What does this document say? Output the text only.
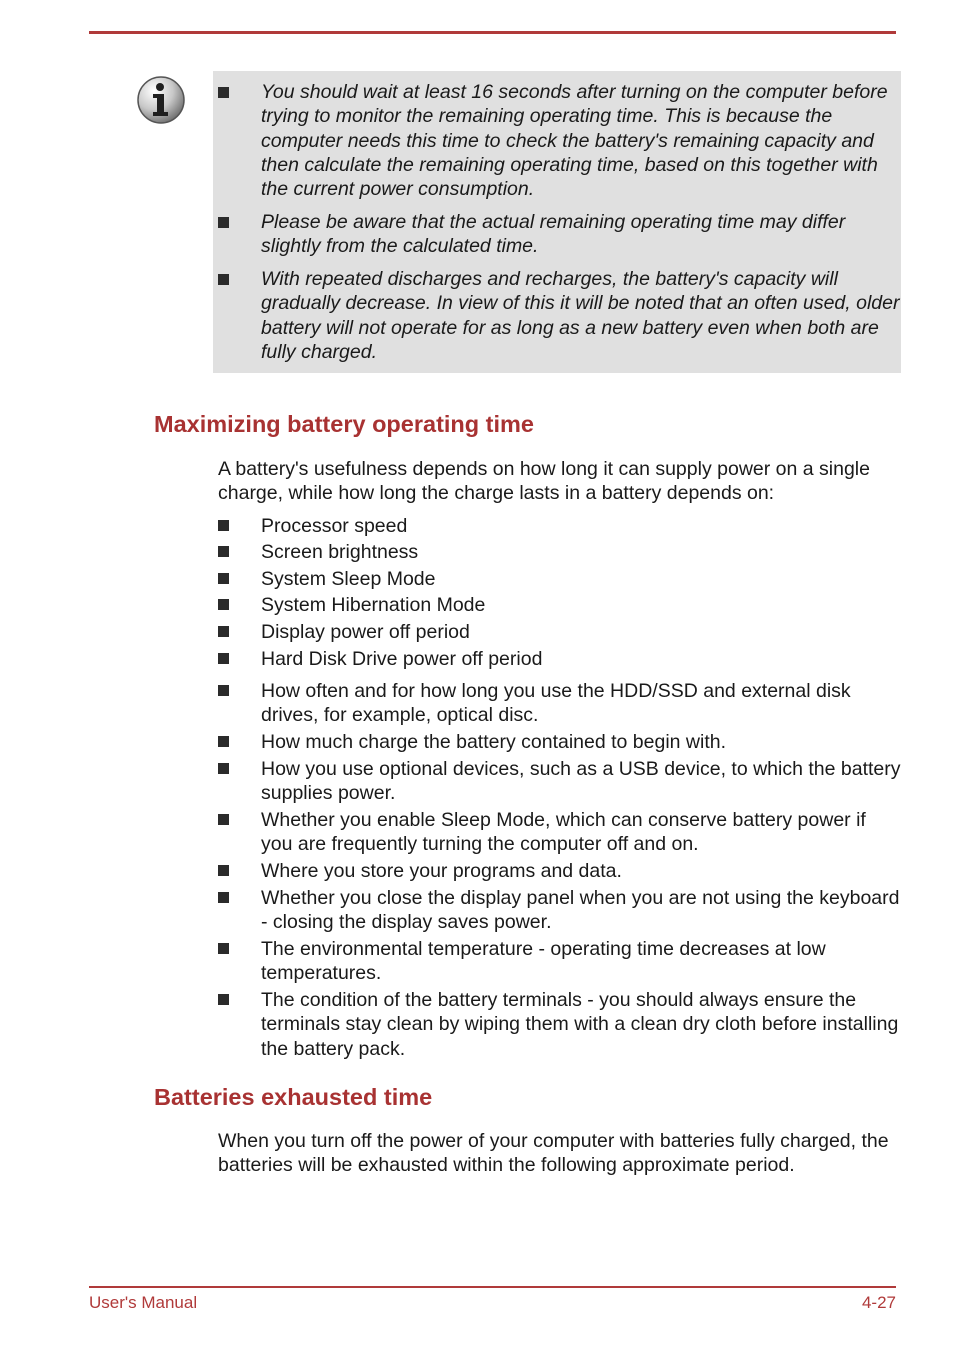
You should wait at least 16 seconds after turning on the computer before trying to monitor the remaining operating time. This is because the computer needs this time to check the battery's remaining capacity and then calculate the remaining operating time, based on this together with the current power consumption.
Please be aware that the actual remaining operating time may differ slightly from the calculated time.
With repeated discharges and recharges, the battery's capacity will gradually decrease. In view of this it will be noted that an often used, older battery will not operate for as long as a new battery even when both are fully charged.
Maximizing battery operating time

A battery's usefulness depends on how long it can supply power on a single charge, while how long the charge lasts in a battery depends on:

Processor speed
Screen brightness
System Sleep Mode
System Hibernation Mode
Display power off period
Hard Disk Drive power off period
How often and for how long you use the HDD/SSD and external disk drives, for example, optical disc.
How much charge the battery contained to begin with.
How you use optional devices, such as a USB device, to which the battery supplies power.
Whether you enable Sleep Mode, which can conserve battery power if you are frequently turning the computer off and on.
Where you store your programs and data.
Whether you close the display panel when you are not using the keyboard - closing the display saves power.
The environmental temperature - operating time decreases at low temperatures.
The condition of the battery terminals - you should always ensure the terminals stay clean by wiping them with a clean dry cloth before installing the battery pack.
Batteries exhausted time

When you turn off the power of your computer with batteries fully charged, the batteries will be exhausted within the following approximate period.

User's Manual	4-27
